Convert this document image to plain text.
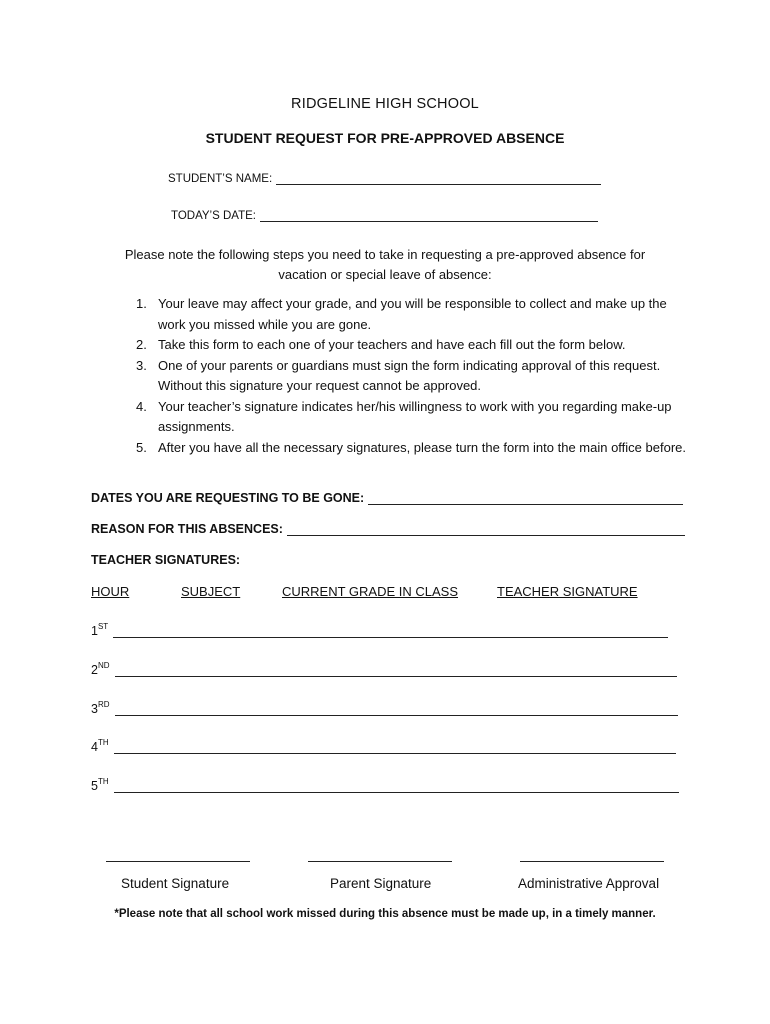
RIDGELINE HIGH SCHOOL
STUDENT REQUEST FOR PRE-APPROVED ABSENCE
STUDENT’S NAME:
TODAY’S DATE:
Please note the following steps you need to take in requesting a pre-approved absence for vacation or special leave of absence:
1. Your leave may affect your grade, and you will be responsible to collect and make up the work you missed while you are gone.
2. Take this form to each one of your teachers and have each fill out the form below.
3. One of your parents or guardians must sign the form indicating approval of this request. Without this signature your request cannot be approved.
4. Your teacher’s signature indicates her/his willingness to work with you regarding make-up assignments.
5. After you have all the necessary signatures, please turn the form into the main office before.
DATES YOU ARE REQUESTING TO BE GONE:
REASON FOR THIS ABSENCES:
TEACHER SIGNATURES:
HOUR	SUBJECT	CURRENT GRADE IN CLASS	TEACHER SIGNATURE
1ST
2ND
3RD
4TH
5TH
Student Signature	Parent Signature	Administrative Approval
*Please note that all school work missed during this absence must be made up, in a timely manner.
